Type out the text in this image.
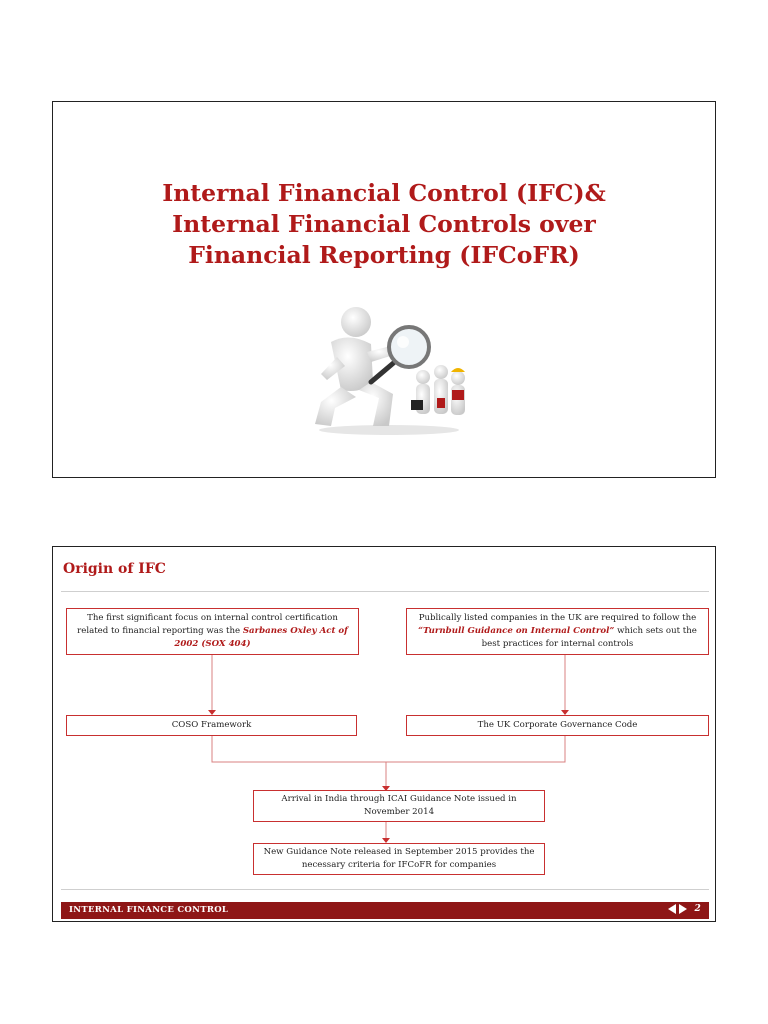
Internal Financial Control (IFC)&
Internal Financial Controls over
Financial Reporting (IFCoFR)
Origin of IFC
The first significant focus on internal control certification related to financial reporting was the Sarbanes Oxley Act of 2002 (SOX 404)
Publically listed companies in the UK are required to follow the “Turnbull Guidance on Internal Control” which sets out the best practices for internal controls
COSO Framework	The UK Corporate Governance Code
Arrival in India through ICAI Guidance Note issued in November 2014
New Guidance Note released in September 2015 provides the necessary criteria for IFCoFR for companies
INTERNAL FINANCE CONTROL	2
